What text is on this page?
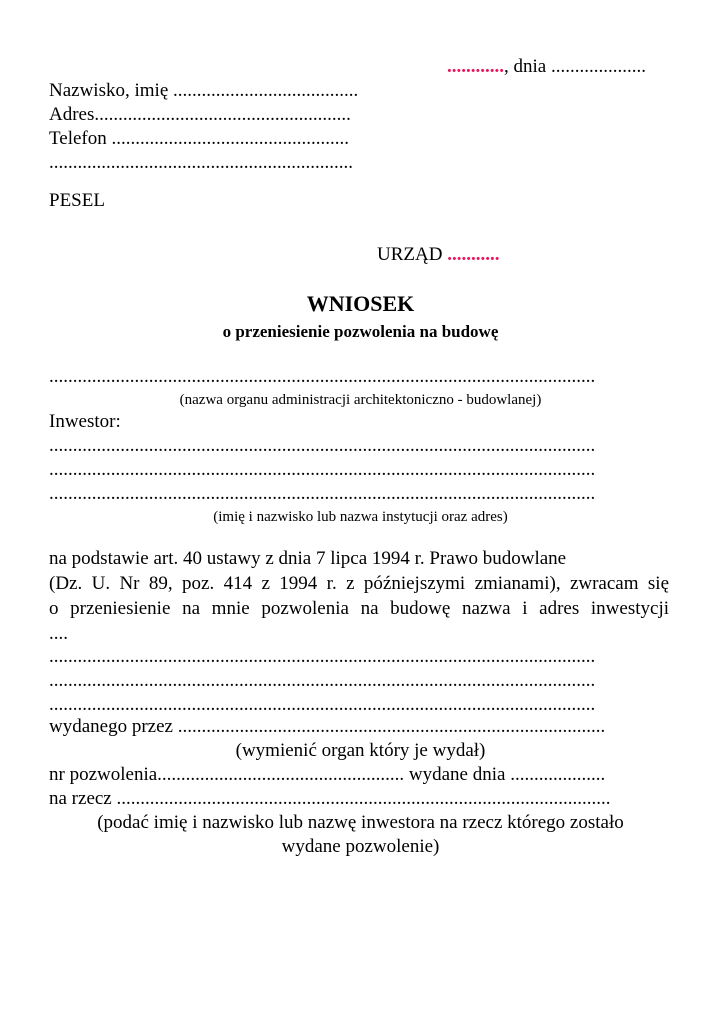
............, dnia ....................
Nazwisko, imię .......................................
Adres......................................................
Telefon ..................................................
................................................................
PESEL
URZĄD ...........
WNIOSEK
o przeniesienie pozwolenia na budowę
...................................................................................................................
(nazwa organu administracji architektoniczno - budowlanej)
Inwestor:
...................................................................................................................
...................................................................................................................
...................................................................................................................
(imię i nazwisko lub nazwa instytucji oraz adres)
na podstawie art. 40 ustawy z dnia 7 lipca 1994 r. Prawo budowlane
(Dz. U. Nr 89, poz. 414 z 1994 r. z późniejszymi zmianami), zwracam się
o przeniesienie na mnie pozwolenia na budowę nazwa i adres inwestycji
....
...................................................................................................................
...................................................................................................................
...................................................................................................................
wydanego przez ..........................................................................................
(wymienić organ który je wydał)
nr pozwolenia.................................................... wydane dnia ....................
na rzecz ........................................................................................................
(podać imię i nazwisko lub nazwę inwestora na rzecz którego zostało
wydane pozwolenie)
